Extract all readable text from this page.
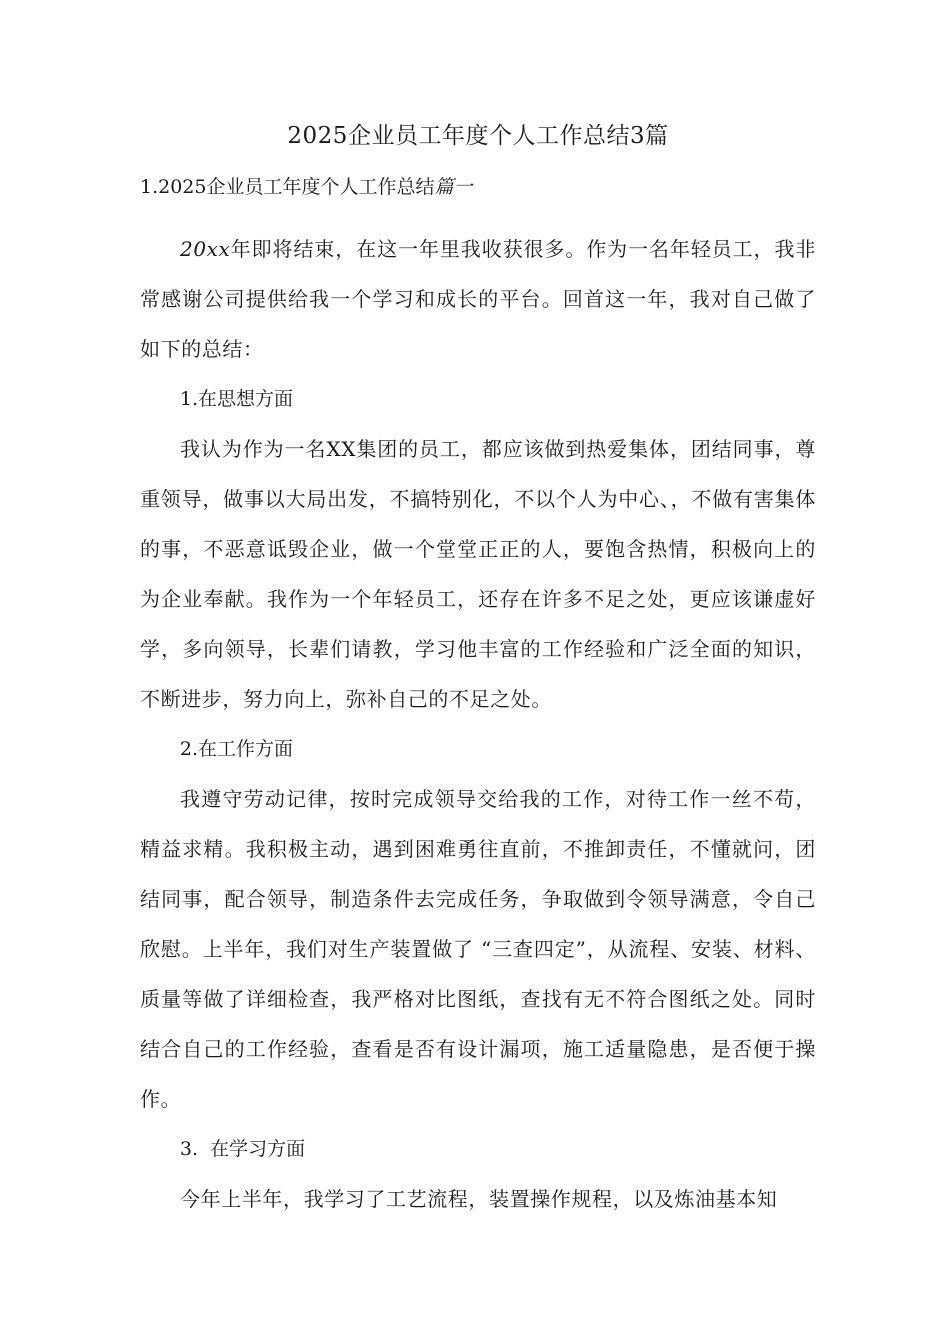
2025企业员工年度个人工作总结3篇
1.2025企业员工年度个人工作总结篇一

20xx年即将结束，在这一年里我收获很多。作为一名年轻员工，我非常感谢公司提供给我一个学习和成长的平台。回首这一年，我对自己做了如下的总结：

1.在思想方面

我认为作为一名XX集团的员工，都应该做到热爱集体，团结同事，尊重领导，做事以大局出发，不搞特别化，不以个人为中心、，不做有害集体的事，不恶意诋毁企业，做一个堂堂正正的人，要饱含热情，积极向上的为企业奉献。我作为一个年轻员工，还存在许多不足之处，更应该谦虚好学，多向领导，长辈们请教，学习他丰富的工作经验和广泛全面的知识，不断进步，努力向上，弥补自己的不足之处。

2.在工作方面

我遵守劳动记律，按时完成领导交给我的工作，对待工作一丝不苟，精益求精。我积极主动，遇到困难勇往直前，不推卸责任，不懂就问，团结同事，配合领导，制造条件去完成任务，争取做到令领导满意，令自己欣慰。上半年，我们对生产装置做了 “三查四定”，从流程、安装、材料、质量等做了详细检查，我严格对比图纸，查找有无不符合图纸之处。同时结合自己的工作经验，查看是否有设计漏项，施工适量隐患，是否便于操作。

3.  在学习方面

今年上半年，我学习了工艺流程，装置操作规程，以及炼油基本知
